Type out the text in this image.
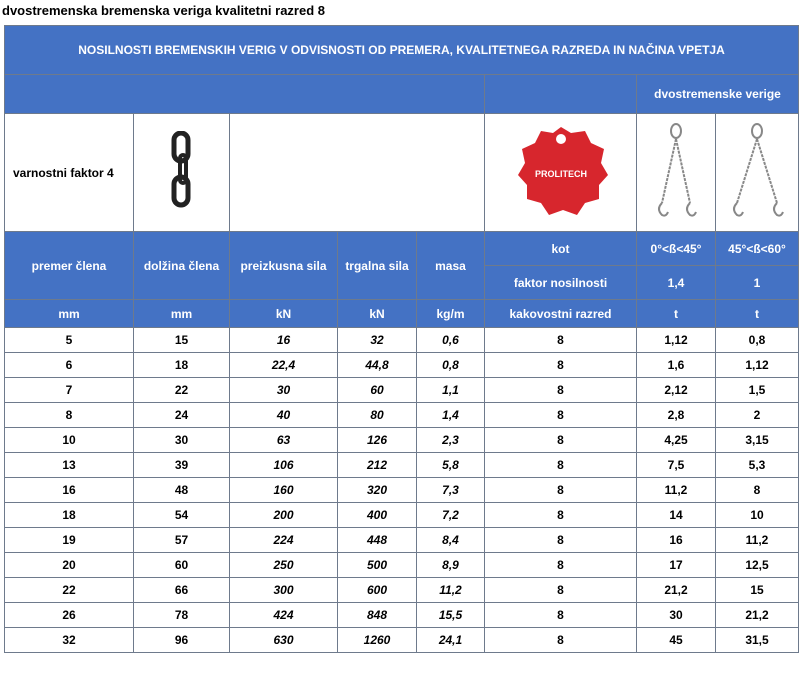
dvostremenska bremenska veriga kvalitetni razred 8
NOSILNOSTI BREMENSKIH VERIG V ODVISNOSTI OD PREMERA, KVALITETNEGA RAZREDA IN NAČINA VPETJA							
						dvostremenske verige	
varnostni faktor 4					PROLITECH

premer člena	dolžina člena	preizkusna sila	trgalna sila	masa	kot	0°<ß<45°	45°<ß<60°
					faktor nosilnosti	1,4	1
mm	mm	kN	kN	kg/m	kakovostni razred	t	t
5	15	16	32	0,6	8	1,12	0,8
6	18	22,4	44,8	0,8	8	1,6	1,12
7	22	30	60	1,1	8	2,12	1,5
8	24	40	80	1,4	8	2,8	2
10	30	63	126	2,3	8	4,25	3,15
13	39	106	212	5,8	8	7,5	5,3
16	48	160	320	7,3	8	11,2	8
18	54	200	400	7,2	8	14	10
19	57	224	448	8,4	8	16	11,2
20	60	250	500	8,9	8	17	12,5
22	66	300	600	11,2	8	21,2	15
26	78	424	848	15,5	8	30	21,2
32	96	630	1260	24,1	8	45	31,5
